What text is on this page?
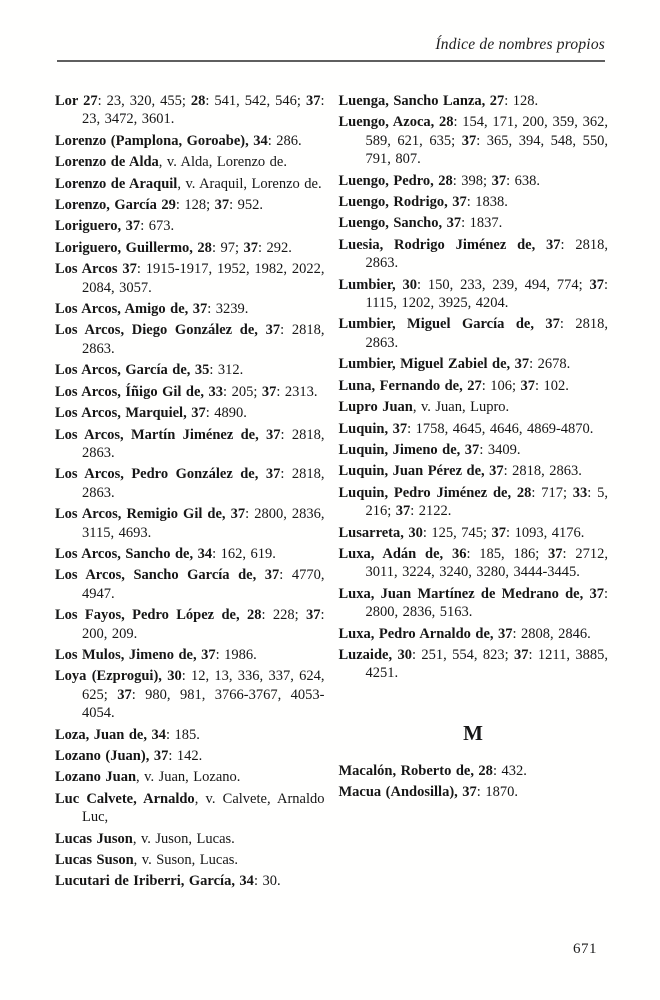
Índice de nombres propios

Lor 27: 23, 320, 455; 28: 541, 542, 546; 37: 23, 3472, 3601.

Lorenzo (Pamplona, Goroabe), 34: 286.

Lorenzo de Alda, v. Alda, Lorenzo de.

Lorenzo de Araquil, v. Araquil, Lorenzo de.

Lorenzo, García 29: 128; 37: 952.

Loriguero, 37: 673.

Loriguero, Guillermo, 28: 97; 37: 292.

Los Arcos 37: 1915-1917, 1952, 1982, 2022, 2084, 3057.

Los Arcos, Amigo de, 37: 3239.

Los Arcos, Diego González de, 37: 2818, 2863.

Los Arcos, García de, 35: 312.

Los Arcos, Íñigo Gil de, 33: 205; 37: 2313.

Los Arcos, Marquiel, 37: 4890.

Los Arcos, Martín Jiménez de, 37: 2818, 2863.

Los Arcos, Pedro González de, 37: 2818, 2863.

Los Arcos, Remigio Gil de, 37: 2800, 2836, 3115, 4693.

Los Arcos, Sancho de, 34: 162, 619.

Los Arcos, Sancho García de, 37: 4770, 4947.

Los Fayos, Pedro López de, 28: 228; 37: 200, 209.

Los Mulos, Jimeno de, 37: 1986.

Loya (Ezprogui), 30: 12, 13, 336, 337, 624, 625; 37: 980, 981, 3766-3767, 4053-4054.

Loza, Juan de, 34: 185.

Lozano (Juan), 37: 142.

Lozano Juan, v. Juan, Lozano.

Luc Calvete, Arnaldo, v. Calvete, Arnaldo Luc,

Lucas Juson, v. Juson, Lucas.

Lucas Suson, v. Suson, Lucas.

Lucutari de Iriberri, García, 34: 30.

Luenga, Sancho Lanza, 27: 128.

Luengo, Azoca, 28: 154, 171, 200, 359, 362, 589, 621, 635; 37: 365, 394, 548, 550, 791, 807.

Luengo, Pedro, 28: 398; 37: 638.

Luengo, Rodrigo, 37: 1838.

Luengo, Sancho, 37: 1837.

Luesia, Rodrigo Jiménez de, 37: 2818, 2863.

Lumbier, 30: 150, 233, 239, 494, 774; 37: 1115, 1202, 3925, 4204.

Lumbier, Miguel García de, 37: 2818, 2863.

Lumbier, Miguel Zabiel de, 37: 2678.

Luna, Fernando de, 27: 106; 37: 102.

Lupro Juan, v. Juan, Lupro.

Luquin, 37: 1758, 4645, 4646, 4869-4870.

Luquin, Jimeno de, 37: 3409.

Luquin, Juan Pérez de, 37: 2818, 2863.

Luquin, Pedro Jiménez de, 28: 717; 33: 5, 216; 37: 2122.

Lusarreta, 30: 125, 745; 37: 1093, 4176.

Luxa, Adán de, 36: 185, 186; 37: 2712, 3011, 3224, 3240, 3280, 3444-3445.

Luxa, Juan Martínez de Medrano de, 37: 2800, 2836, 5163.

Luxa, Pedro Arnaldo de, 37: 2808, 2846.

Luzaide, 30: 251, 554, 823; 37: 1211, 3885, 4251.

M

Macalón, Roberto de, 28: 432.

Macua (Andosilla), 37: 1870.

671
